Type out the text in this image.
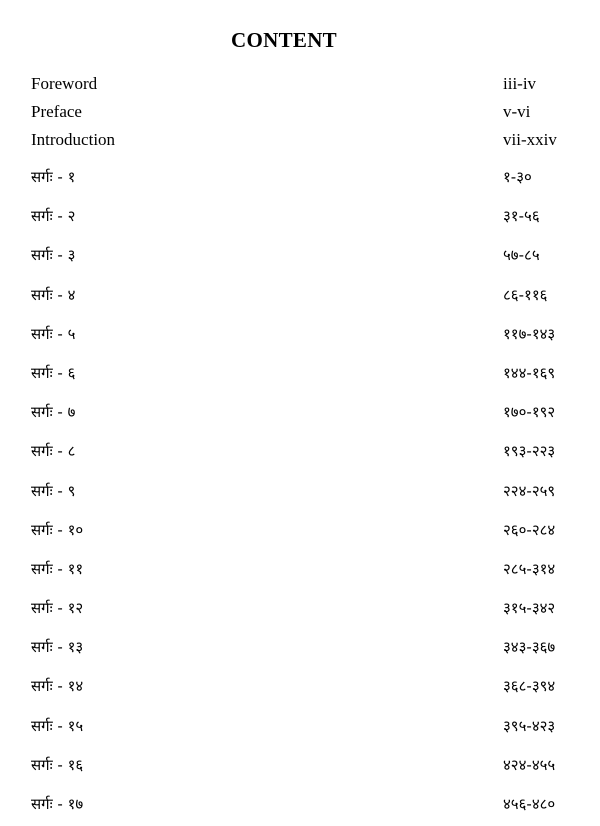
CONTENT
Foreword	iii-iv
Preface	v-vi
Introduction	vii-xxiv
सर्गः - १	१-३०
सर्गः - २	३१-५६
सर्गः - ३	५७-८५
सर्गः - ४	८६-११६
सर्गः - ५	११७-१४३
सर्गः - ६	१४४-१६९
सर्गः - ७	१७०-१९२
सर्गः - ८	१९३-२२३
सर्गः - ९	२२४-२५९
सर्गः - १०	२६०-२८४
सर्गः - ११	२८५-३१४
सर्गः - १२	३१५-३४२
सर्गः - १३	३४३-३६७
सर्गः - १४	३६८-३९४
सर्गः - १५	३९५-४२३
सर्गः - १६	४२४-४५५
सर्गः - १७	४५६-४८०
